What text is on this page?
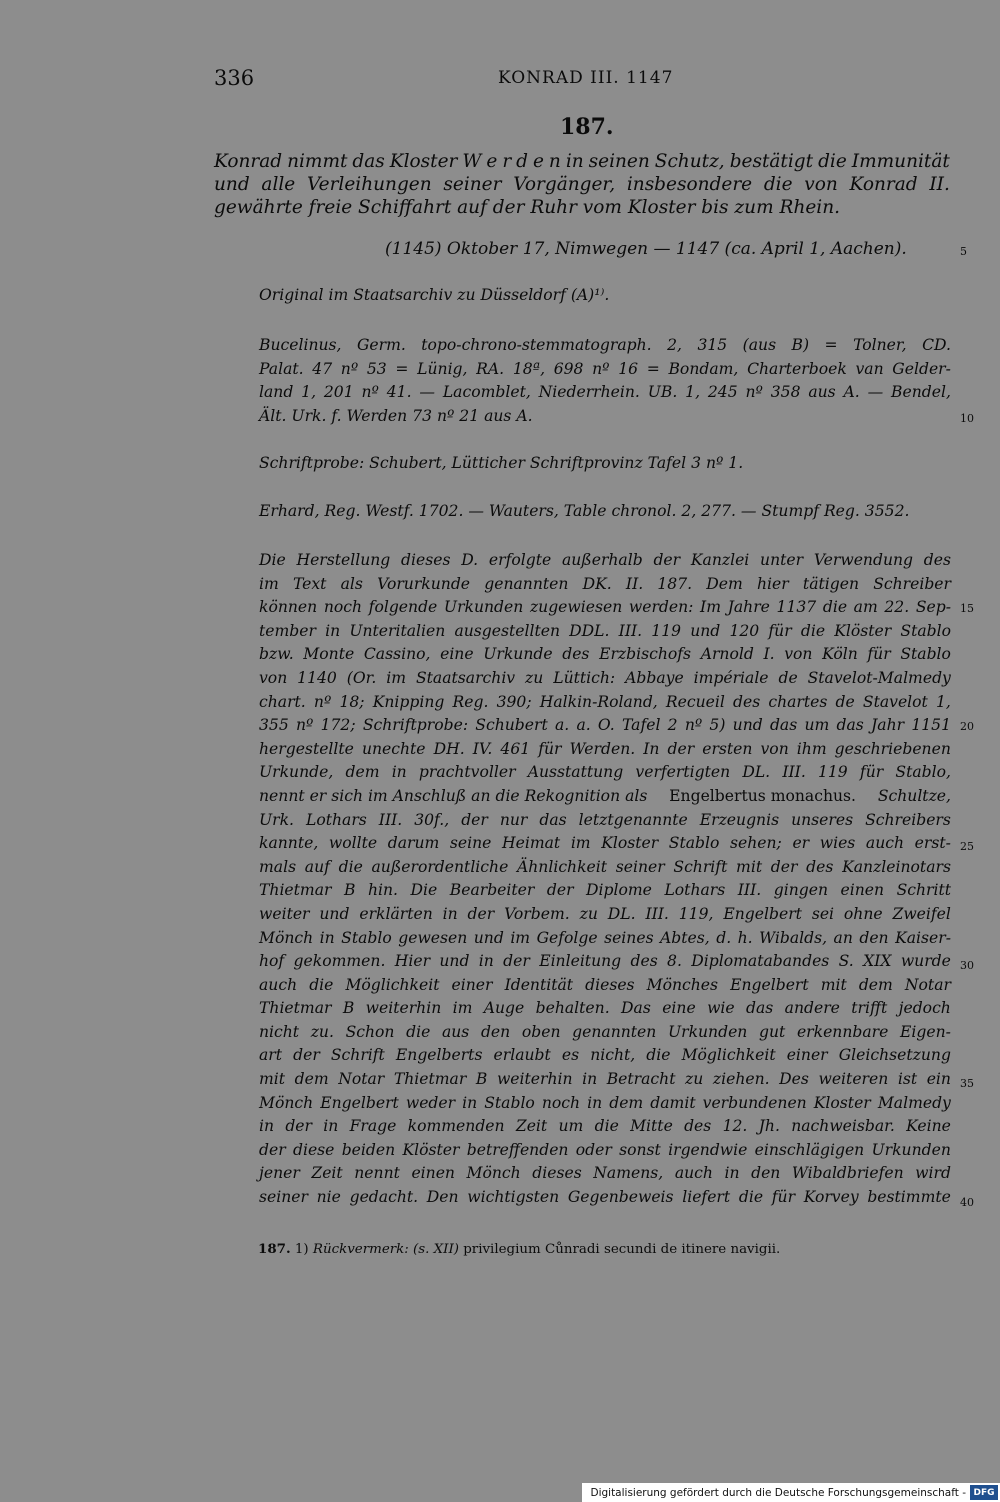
336	KONRAD III. 1147
187.
Konrad nimmt das Kloster W e r d e n in seinen Schutz, bestätigt die Immunität
und alle Verleihungen seiner Vorgänger, insbesondere die von Konrad II.
gewährte freie Schiffahrt auf der Ruhr vom Kloster bis zum Rhein.
(1145) Oktober 17, Nimwegen — 1147 (ca. April 1, Aachen).
Original im Staatsarchiv zu Düsseldorf (A)¹⁾.
Bucelinus, Germ. topo-chrono-stemmatograph. 2, 315 (aus B) = Tolner, CD.
Palat. 47 nº 53 = Lünig, RA. 18ª, 698 nº 16 = Bondam, Charterboek van Gelder-
land 1, 201 nº 41. — Lacomblet, Niederrhein. UB. 1, 245 nº 358 aus A. — Bendel,
Ält. Urk. f. Werden 73 nº 21 aus A.
Schriftprobe: Schubert, Lütticher Schriftprovinz Tafel 3 nº 1.
Erhard, Reg. Westf. 1702. — Wauters, Table chronol. 2, 277. — Stumpf Reg. 3552.
Die Herstellung dieses D. erfolgte außerhalb der Kanzlei unter Verwendung des
im Text als Vorurkunde genannten DK. II. 187. Dem hier tätigen Schreiber
können noch folgende Urkunden zugewiesen werden: Im Jahre 1137 die am 22. Sep-
tember in Unteritalien ausgestellten DDL. III. 119 und 120 für die Klöster Stablo
bzw. Monte Cassino, eine Urkunde des Erzbischofs Arnold I. von Köln für Stablo
von 1140 (Or. im Staatsarchiv zu Lüttich: Abbaye impériale de Stavelot-Malmedy
chart. nº 18; Knipping Reg. 390; Halkin-Roland, Recueil des chartes de Stavelot 1,
355 nº 172; Schriftprobe: Schubert a. a. O. Tafel 2 nº 5) und das um das Jahr 1151
hergestellte unechte DH. IV. 461 für Werden. In der ersten von ihm geschriebenen
Urkunde, dem in prachtvoller Ausstattung verfertigten DL. III. 119 für Stablo,
nennt er sich im Anschluß an die Rekognition als Engelbertus monachus. Schultze,
Urk. Lothars III. 30f., der nur das letztgenannte Erzeugnis unseres Schreibers
kannte, wollte darum seine Heimat im Kloster Stablo sehen; er wies auch erst-
mals auf die außerordentliche Ähnlichkeit seiner Schrift mit der des Kanzleinotars
Thietmar B hin. Die Bearbeiter der Diplome Lothars III. gingen einen Schritt
weiter und erklärten in der Vorbem. zu DL. III. 119, Engelbert sei ohne Zweifel
Mönch in Stablo gewesen und im Gefolge seines Abtes, d. h. Wibalds, an den Kaiser-
hof gekommen. Hier und in der Einleitung des 8. Diplomatabandes S. XIX wurde
auch die Möglichkeit einer Identität dieses Mönches Engelbert mit dem Notar
Thietmar B weiterhin im Auge behalten. Das eine wie das andere trifft jedoch
nicht zu. Schon die aus den oben genannten Urkunden gut erkennbare Eigen-
art der Schrift Engelberts erlaubt es nicht, die Möglichkeit einer Gleichsetzung
mit dem Notar Thietmar B weiterhin in Betracht zu ziehen. Des weiteren ist ein
Mönch Engelbert weder in Stablo noch in dem damit verbundenen Kloster Malmedy
in der in Frage kommenden Zeit um die Mitte des 12. Jh. nachweisbar. Keine
der diese beiden Klöster betreffenden oder sonst irgendwie einschlägigen Urkunden
jener Zeit nennt einen Mönch dieses Namens, auch in den Wibaldbriefen wird
seiner nie gedacht. Den wichtigsten Gegenbeweis liefert die für Korvey bestimmte
5
10
15
20
25
30
35
40
187. 1) Rückvermerk: (s. XII) privilegium Cůnradi secundi de itinere navigii.
Digitalisierung gefördert durch die Deutsche Forschungsgemeinschaft - DFG
